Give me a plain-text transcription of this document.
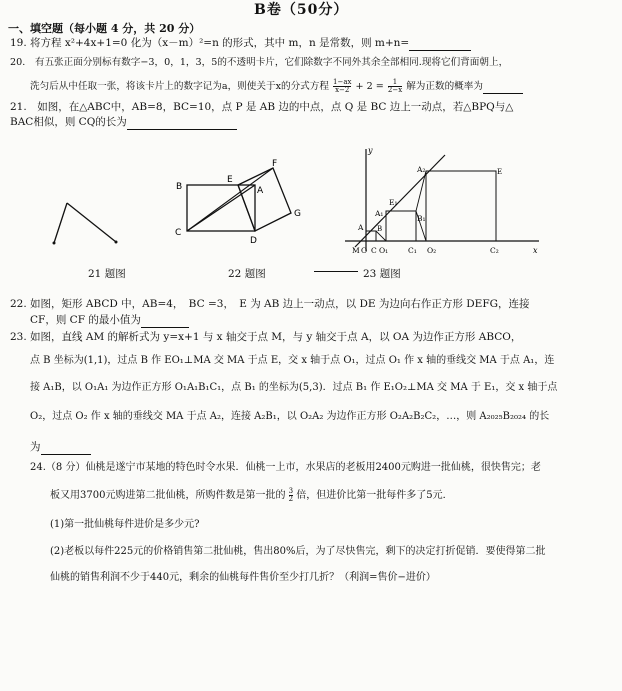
B卷（50分）
一、填空题（每小题 4 分，共 20 分）
19. 将方程 x²+4x+1=0 化为（x－m）²=n 的形式，其中 m，n 是常数，则 m+n=
20.　有五张正面分别标有数字−3，0，1，3，5的不透明卡片，它们除数字不同外其余全部相同.现将它们背面朝上，
洗匀后从中任取一张，将该卡片上的数字记为a，则使关于x的分式方程 $\frac{1-ax}{x-2} + 2 = \frac{1}{2-x}$ 解为正数的概率为
21.　如图，在△ABC中，AB=8，BC=10，点 P 是 AB 边的中点，点 Q 是 BC 边上一动点，若△BPQ与△
BAC相似，则 CQ的长为
B
C
D
E
A
F
G
y
x
M O C O₁	C₁ O₂	C₂
A
A₁
A₂
B
B₁
E
E₁
21 题图	22 题图	23 题图
22. 如图，矩形 ABCD 中，AB=4，　BC =3，　E 为 AB 边上一动点，以 DE 为边向右作正方形 DEFG，连接
CF，则 CF 的最小值为
23. 如图，直线 AM 的解析式为 y=x+1 与 x 轴交于点 M，与 y 轴交于点 A，以 OA 为边作正方形 ABCO，
点 B 坐标为(1,1)，过点 B 作 EO₁⊥MA 交 MA 于点 E，交 x 轴于点 O₁，过点 O₁ 作 x 轴的垂线交 MA 于点 A₁，连
接 A₁B，以 O₁A₁ 为边作正方形 O₁A₁B₁C₁，点 B₁ 的坐标为(5,3)．过点 B₁ 作 E₁O₂⊥MA 交 MA 于 E₁，交 x 轴于点
O₂，过点 O₂ 作 x 轴的垂线交 MA 于点 A₂，连接 A₂B₁，以 O₂A₂ 为边作正方形 O₂A₂B₂C₂，…，则 A₂₀₂₅B₂₀₂₄ 的长
为
24.（8 分）仙桃是遂宁市某地的特色时令水果．仙桃一上市，水果店的老板用2400元购进一批仙桃，很快售完；老
板又用3700元购进第二批仙桃，所购件数是第一批的 $\frac{3}{2}$ 倍，但进价比第一批每件多了5元．
(1)第一批仙桃每件进价是多少元?
(2)老板以每件225元的价格销售第二批仙桃，售出80%后，为了尽快售完，剩下的决定打折促销．要使得第二批
仙桃的销售利润不少于440元，剩余的仙桃每件售价至少打几折？（利润=售价−进价）
